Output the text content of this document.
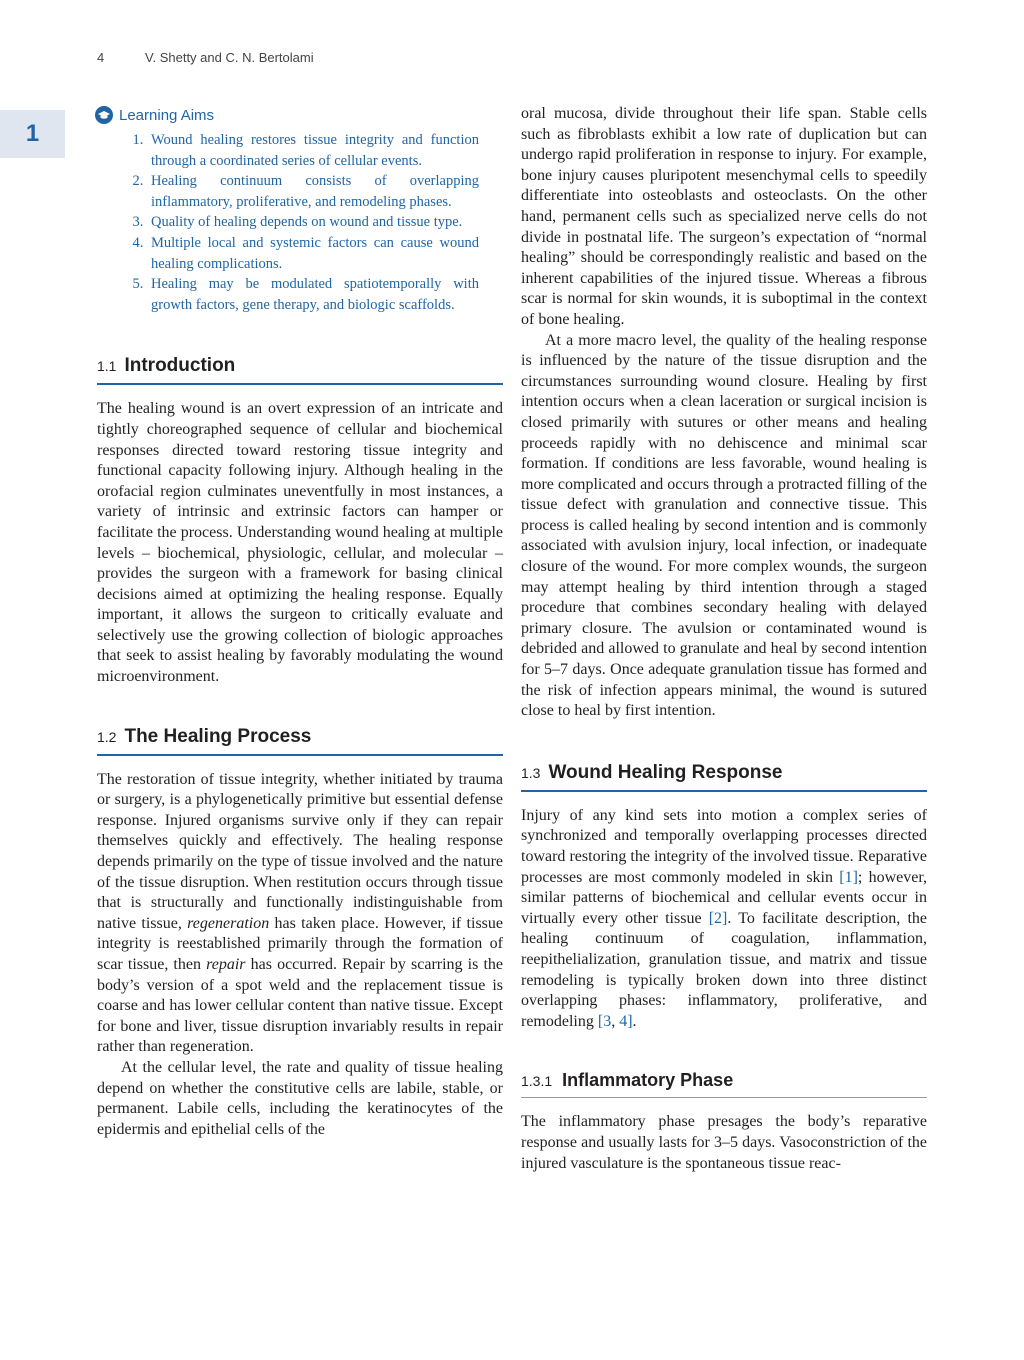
4	V. Shetty and C. N. Bertolami
1
Learning Aims
1. Wound healing restores tissue integrity and function through a coordinated series of cellular events.
2. Healing continuum consists of overlapping inflammatory, proliferative, and remodeling phases.
3. Quality of healing depends on wound and tissue type.
4. Multiple local and systemic factors can cause wound healing complications.
5. Healing may be modulated spatiotemporally with growth factors, gene therapy, and biologic scaffolds.
1.1 Introduction

The healing wound is an overt expression of an intricate and tightly choreographed sequence of cellular and biochemical responses directed toward restoring tissue integrity and functional capacity following injury. Although healing in the orofacial region culminates uneventfully in most instances, a variety of intrinsic and extrinsic factors can hamper or facilitate the process. Understanding wound healing at multiple levels – biochemical, physiologic, cellular, and molecular – provides the surgeon with a framework for basing clinical decisions aimed at optimizing the healing response. Equally important, it allows the surgeon to critically evaluate and selectively use the growing collection of biologic approaches that seek to assist healing by favorably modulating the wound microenvironment.

1.2 The Healing Process

The restoration of tissue integrity, whether initiated by trauma or surgery, is a phylogenetically primitive but essential defense response. Injured organisms survive only if they can repair themselves quickly and effectively. The healing response depends primarily on the type of tissue involved and the nature of the tissue disruption. When restitution occurs through tissue that is structurally and functionally indistinguishable from native tissue, regeneration has taken place. However, if tissue integrity is reestablished primarily through the formation of scar tissue, then repair has occurred. Repair by scarring is the body’s version of a spot weld and the replacement tissue is coarse and has lower cellular content than native tissue. Except for bone and liver, tissue disruption invariably results in repair rather than regeneration.

At the cellular level, the rate and quality of tissue healing depend on whether the constitutive cells are labile, stable, or permanent. Labile cells, including the keratinocytes of the epidermis and epithelial cells of the

oral mucosa, divide throughout their life span. Stable cells such as fibroblasts exhibit a low rate of duplication but can undergo rapid proliferation in response to injury. For example, bone injury causes pluripotent mesenchymal cells to speedily differentiate into osteoblasts and osteoclasts. On the other hand, permanent cells such as specialized nerve cells do not divide in postnatal life. The surgeon’s expectation of “normal healing” should be correspondingly realistic and based on the inherent capabilities of the injured tissue. Whereas a fibrous scar is normal for skin wounds, it is suboptimal in the context of bone healing.

At a more macro level, the quality of the healing response is influenced by the nature of the tissue disruption and the circumstances surrounding wound closure. Healing by first intention occurs when a clean laceration or surgical incision is closed primarily with sutures or other means and healing proceeds rapidly with no dehiscence and minimal scar formation. If conditions are less favorable, wound healing is more complicated and occurs through a protracted filling of the tissue defect with granulation and connective tissue. This process is called healing by second intention and is commonly associated with avulsion injury, local infection, or inadequate closure of the wound. For more complex wounds, the surgeon may attempt healing by third intention through a staged procedure that combines secondary healing with delayed primary closure. The avulsion or contaminated wound is debrided and allowed to granulate and heal by second intention for 5–7 days. Once adequate granulation tissue has formed and the risk of infection appears minimal, the wound is sutured close to heal by first intention.

1.3 Wound Healing Response

Injury of any kind sets into motion a complex series of synchronized and temporally overlapping processes directed toward restoring the integrity of the involved tissue. Reparative processes are most commonly modeled in skin [1]; however, similar patterns of biochemical and cellular events occur in virtually every other tissue [2]. To facilitate description, the healing continuum of coagulation, inflammation, reepithelialization, granulation tissue, and matrix and tissue remodeling is typically broken down into three distinct overlapping phases: inflammatory, proliferative, and remodeling [3, 4].

1.3.1 Inflammatory Phase

The inflammatory phase presages the body’s reparative response and usually lasts for 3–5 days. Vasoconstriction of the injured vasculature is the spontaneous tissue reac-
